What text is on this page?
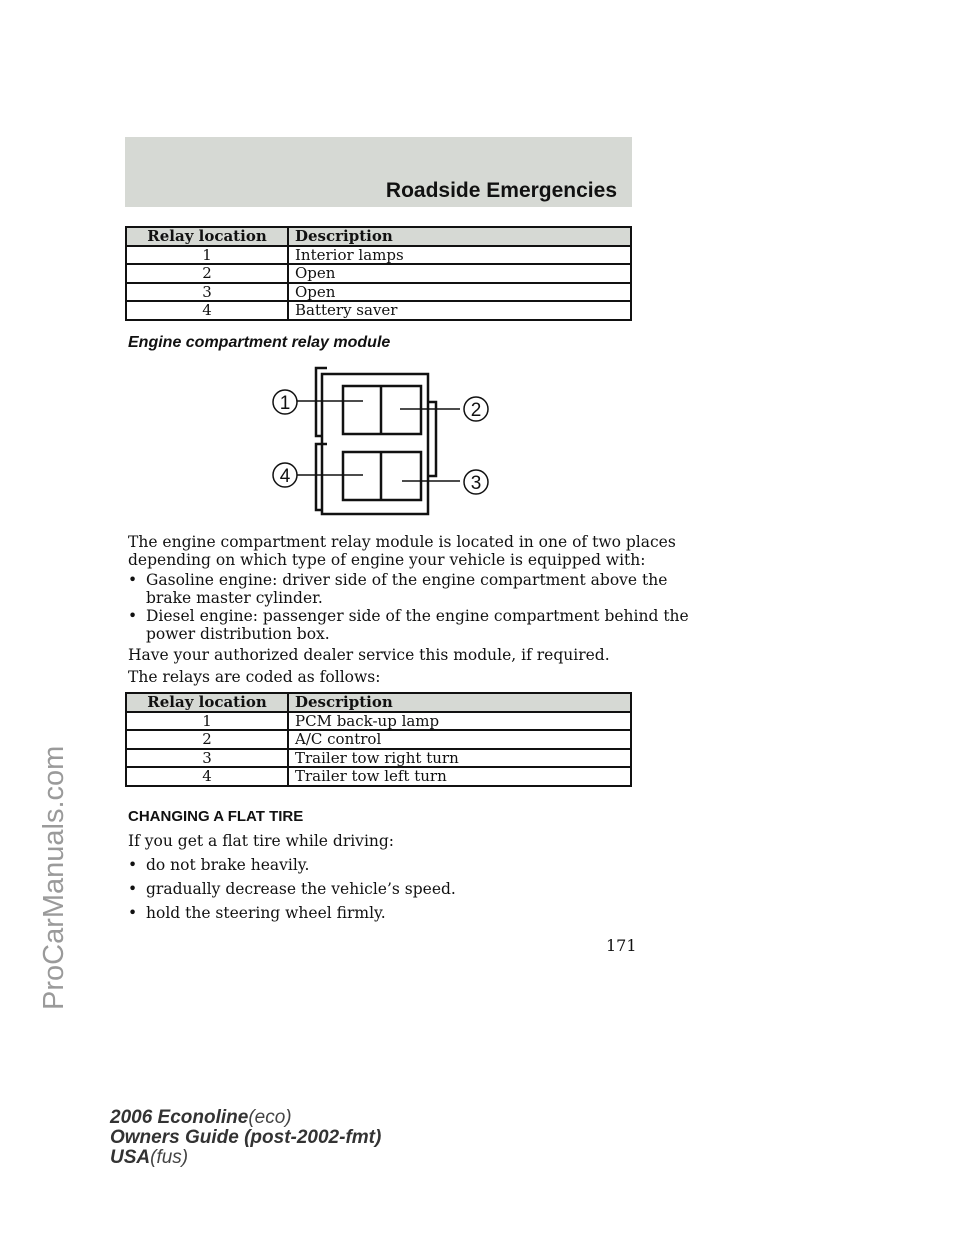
Roadside Emergencies
Relay location	Description
1	Interior lamps
2	Open
3	Open
4	Battery saver
Engine compartment relay module
1	2
3
4
The engine compartment relay module is located in one of two places
depending on which type of engine your vehicle is equipped with:
• Gasoline engine: driver side of the engine compartment above the
brake master cylinder.
• Diesel engine: passenger side of the engine compartment behind the
power distribution box.
Have your authorized dealer service this module, if required.
The relays are coded as follows:
Relay location	Description
1	PCM back-up lamp
2	A/C control
3	Trailer tow right turn
4	Trailer tow left turn
CHANGING A FLAT TIRE
If you get a flat tire while driving:
• do not brake heavily.
• gradually decrease the vehicle’s speed.
• hold the steering wheel firmly.
171
2006 Econoline(eco)
Owners Guide (post-2002-fmt)
USA(fus)
ProCarManuals.com
